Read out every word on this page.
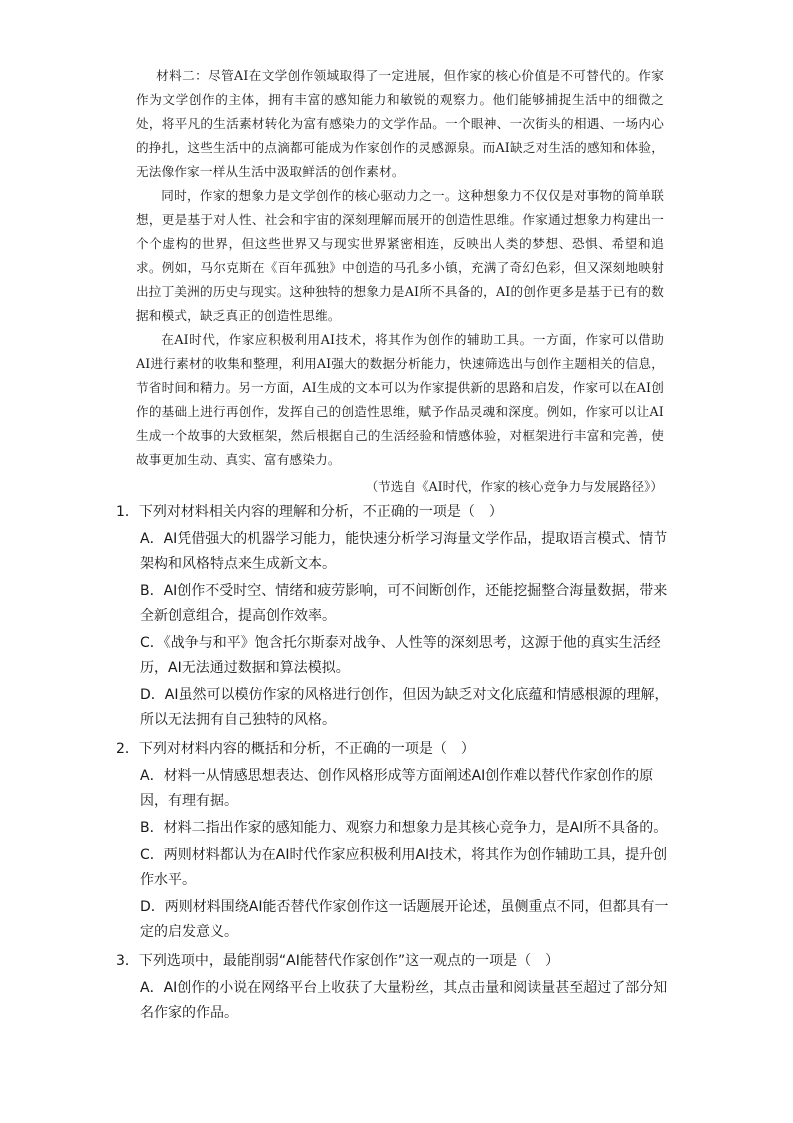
材料二：尽管AI在文学创作领域取得了一定进展，但作家的核心价值是不可替代的。作家作为文学创作的主体，拥有丰富的感知能力和敏锐的观察力。他们能够捕捉生活中的细微之处，将平凡的生活素材转化为富有感染力的文学作品。一个眼神、一次街头的相遇、一场内心的挣扎，这些生活中的点滴都可能成为作家创作的灵感源泉。而AI缺乏对生活的感知和体验，无法像作家一样从生活中汲取鲜活的创作素材。

同时，作家的想象力是文学创作的核心驱动力之一。这种想象力不仅仅是对事物的简单联想，更是基于对人性、社会和宇宙的深刻理解而展开的创造性思维。作家通过想象力构建出一个个虚构的世界，但这些世界又与现实世界紧密相连，反映出人类的梦想、恐惧、希望和追求。例如，马尔克斯在《百年孤独》中创造的马孔多小镇，充满了奇幻色彩，但又深刻地映射出拉丁美洲的历史与现实。这种独特的想象力是AI所不具备的，AI的创作更多是基于已有的数据和模式，缺乏真正的创造性思维。

在AI时代，作家应积极利用AI技术，将其作为创作的辅助工具。一方面，作家可以借助AI进行素材的收集和整理，利用AI强大的数据分析能力，快速筛选出与创作主题相关的信息，节省时间和精力。另一方面，AI生成的文本可以为作家提供新的思路和启发，作家可以在AI创作的基础上进行再创作，发挥自己的创造性思维，赋予作品灵魂和深度。例如，作家可以让AI生成一个故事的大致框架，然后根据自己的生活经验和情感体验，对框架进行丰富和完善，使故事更加生动、真实、富有感染力。

（节选自《AI时代，作家的核心竞争力与发展路径》）
1．下列对材料相关内容的理解和分析，不正确的一项是（　）
A．AI凭借强大的机器学习能力，能快速分析学习海量文学作品，提取语言模式、情节架构和风格特点来生成新文本。
B．AI创作不受时空、情绪和疲劳影响，可不间断创作，还能挖掘整合海量数据，带来全新创意组合，提高创作效率。
C．《战争与和平》饱含托尔斯泰对战争、人性等的深刻思考，这源于他的真实生活经历，AI无法通过数据和算法模拟。
D．AI虽然可以模仿作家的风格进行创作，但因为缺乏对文化底蕴和情感根源的理解，所以无法拥有自己独特的风格。
2．下列对材料内容的概括和分析，不正确的一项是（　）
A．材料一从情感思想表达、创作风格形成等方面阐述AI创作难以替代作家创作的原因，有理有据。
B．材料二指出作家的感知能力、观察力和想象力是其核心竞争力，是AI所不具备的。
C．两则材料都认为在AI时代作家应积极利用AI技术，将其作为创作辅助工具，提升创作水平。
D．两则材料围绕AI能否替代作家创作这一话题展开论述，虽侧重点不同，但都具有一定的启发意义。
3．下列选项中，最能削弱“AI能替代作家创作”这一观点的一项是（　）
A．AI创作的小说在网络平台上收获了大量粉丝，其点击量和阅读量甚至超过了部分知名作家的作品。
